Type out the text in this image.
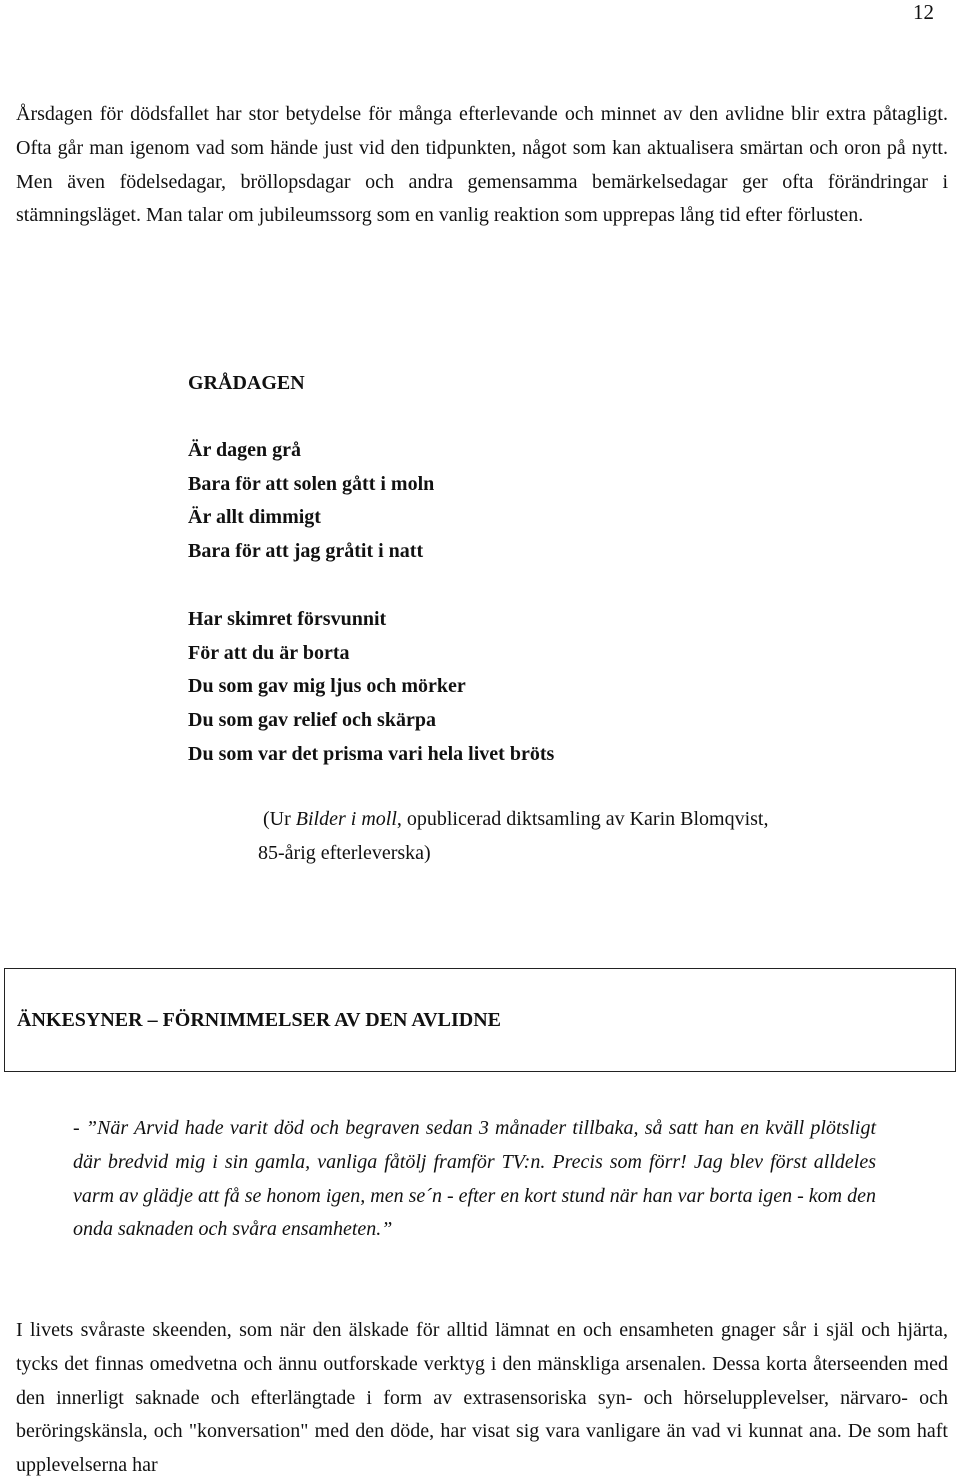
12

Årsdagen för dödsfallet har stor betydelse för många efterlevande och minnet av den avlidne blir extra påtagligt. Ofta går man igenom vad som hände just vid den tidpunkten, något som kan aktualisera smärtan och oron på nytt. Men även födelsedagar, bröllopsdagar och andra gemensamma bemärkelsedagar ger ofta förändringar i stämningsläget. Man talar om jubileumssorg som en vanlig reaktion som upprepas lång tid efter förlusten.

GRÅDAGEN
Är dagen grå
Bara för att solen gått i moln
Är allt dimmigt
Bara för att jag gråtit i natt
Har skimret försvunnit
För att du är borta
Du som gav mig ljus och mörker
Du som gav relief och skärpa
Du som var det prisma vari hela livet bröts
(Ur Bilder i moll, opublicerad diktsamling av Karin Blomqvist,
85-årig efterleverska)
ÄNKESYNER – FÖRNIMMELSER AV DEN AVLIDNE

- ”När Arvid hade varit död och begraven sedan 3 månader tillbaka, så satt han en kväll plötsligt där bredvid mig i sin gamla, vanliga fåtölj framför TV:n. Precis som förr! Jag blev först alldeles varm av glädje att få se honom igen, men se´n - efter en kort stund när han var borta igen - kom den onda saknaden och svåra ensamheten.”

I livets svåraste skeenden, som när den älskade för alltid lämnat en och ensamheten gnager sår i själ och hjärta, tycks det finnas omedvetna och ännu outforskade verktyg i den mänskliga arsenalen. Dessa korta återseenden med den innerligt saknade och efterlängtade i form av extrasensoriska syn- och hörselupplevelser, närvaro- och beröringskänsla, och "konversation" med den döde, har visat sig vara vanligare än vad vi kunnat ana. De som haft upplevelserna har
